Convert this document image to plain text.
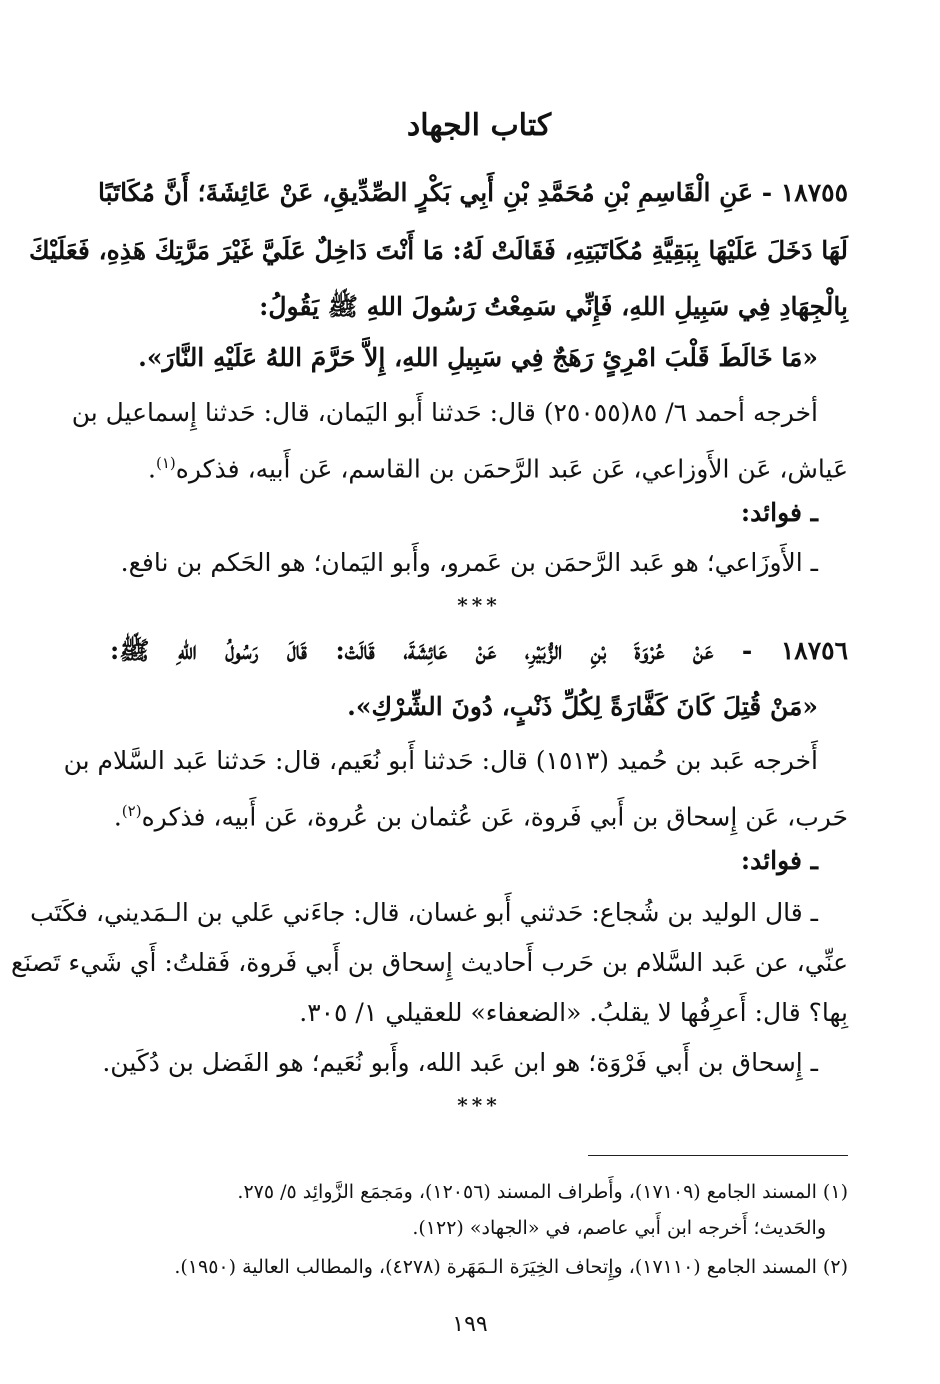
كتاب الجهاد
١٨٧٥٥ - عَنِ الْقَاسِمِ بْنِ مُحَمَّدِ بْنِ أَبِي بَكْرٍ الصِّدِّيقِ، عَنْ عَائِشَةَ؛ أَنَّ مُكَاتَبًا
لَهَا دَخَلَ عَلَيْهَا بِبَقِيَّةِ مُكَاتَبَتِهِ، فَقَالَتْ لَهُ: مَا أَنْتَ دَاخِلٌ عَلَيَّ غَيْرَ مَرَّتِكَ هَذِهِ، فَعَلَيْكَ
بِالْجِهَادِ فِي سَبِيلِ اللهِ، فَإِنِّي سَمِعْتُ رَسُولَ اللهِ ﷺ يَقُولُ:
«مَا خَالَطَ قَلْبَ امْرِئٍ رَهَجٌ فِي سَبِيلِ اللهِ، إِلاَّ حَرَّمَ اللهُ عَلَيْهِ النَّارَ».
أخرجه أحمد ٦/ ٨٥(٢٥٠٥٥) قال: حَدثنا أَبو اليَمان، قال: حَدثنا إِسماعيل بن
عَياش، عَن الأَوزاعي، عَن عَبد الرَّحمَن بن القاسم، عَن أَبيه، فذكره$^{(١)}$.
ـ فوائد:
ـ الأَوزَاعي؛ هو عَبد الرَّحمَن بن عَمرو، وأَبو اليَمان؛ هو الحَكم بن نافع.
***
١٨٧٥٦ - عَنْ عُرْوَةَ بْنِ الزُّبَيْرِ، عَنْ عَائِشَةَ، قَالَتْ: قَالَ رَسُولُ اللهِ ﷺ:
«مَنْ قُتِلَ كَانَ كَفَّارَةً لِكُلِّ ذَنْبٍ، دُونَ الشِّرْكِ».
أَخرجه عَبد بن حُميد (١٥١٣) قال: حَدثنا أَبو نُعَيم، قال: حَدثنا عَبد السَّلام بن
حَرب، عَن إِسحاق بن أَبي فَروة، عَن عُثمان بن عُروة، عَن أَبيه، فذكره$^{(٢)}$.
ـ فوائد:
ـ قال الوليد بن شُجاع: حَدثني أَبو غسان، قال: جاءَني عَلي بن الـمَديني، فكَتَب
عنِّي، عن عَبد السَّلام بن حَرب أَحاديث إِسحاق بن أَبي فَروة، فَقلتُ: أَي شَيء تَصنَع
بِها؟ قال: أَعرِفُها لا يقلبُ. «الضعفاء» للعقيلي ١/ ٣٠٥.
ـ إِسحاق بن أَبي فَرْوَة؛ هو ابن عَبد الله، وأَبو نُعَيم؛ هو الفَضل بن دُكَين.
***
(١) المسند الجامع (١٧١٠٩)، وأَطراف المسند (١٢٠٥٦)، ومَجمَع الزَّوائِد ٥/ ٢٧٥.
والحَديث؛ أَخرجه ابن أَبي عاصم، في «الجهاد» (١٢٢).
(٢) المسند الجامع (١٧١١٠)، وإِتحاف الخِيَرَة الـمَهَرة (٤٢٧٨)، والمطالب العالية (١٩٥٠).
١٩٩
